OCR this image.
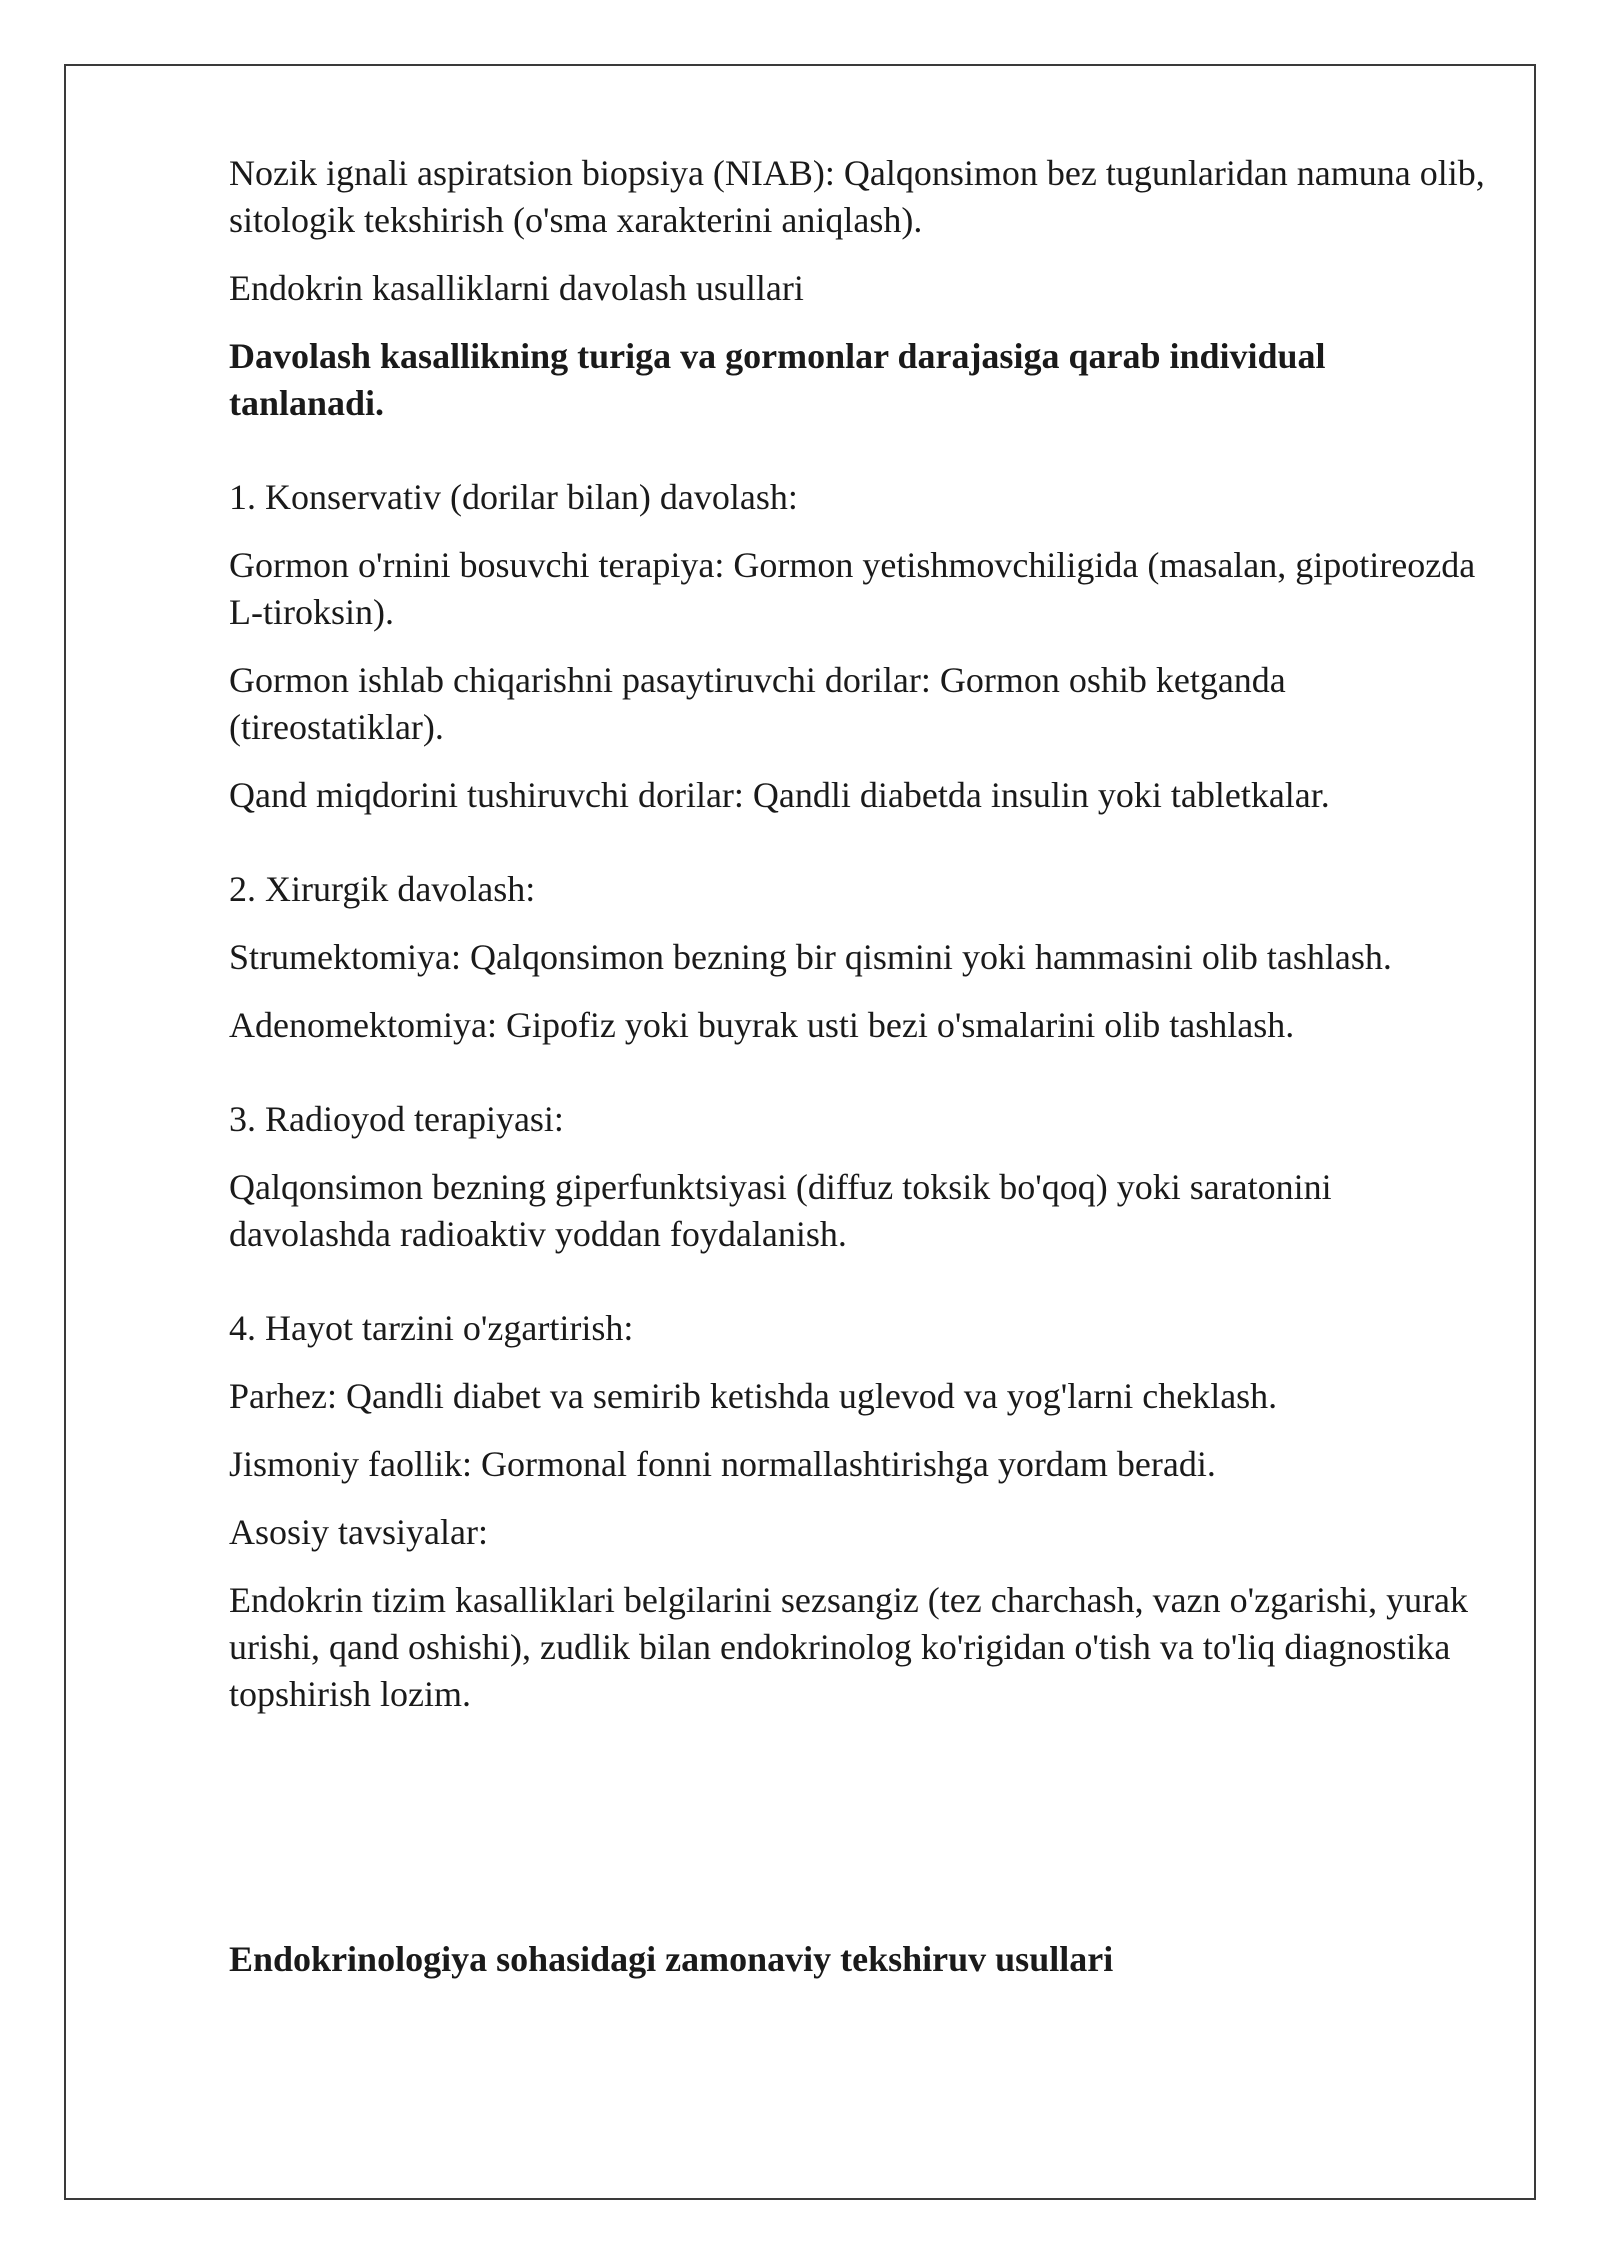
Nozik ignali aspiratsion biopsiya (NIAB): Qalqonsimon bez tugunlaridan namuna olib, sitologik tekshirish (o'sma xarakterini aniqlash).

Endokrin kasalliklarni davolash usullari

Davolash kasallikning turiga va gormonlar darajasiga qarab individual tanlanadi.

1. Konservativ (dorilar bilan) davolash:

Gormon o'rnini bosuvchi terapiya: Gormon yetishmovchiligida (masalan, gipotireozda L-tiroksin).

Gormon ishlab chiqarishni pasaytiruvchi dorilar: Gormon oshib ketganda (tireostatiklar).

Qand miqdorini tushiruvchi dorilar: Qandli diabetda insulin yoki tabletkalar.

2. Xirurgik davolash:

Strumektomiya: Qalqonsimon bezning bir qismini yoki hammasini olib tashlash.

Adenomektomiya: Gipofiz yoki buyrak usti bezi o'smalarini olib tashlash.

3. Radioyod terapiyasi:

Qalqonsimon bezning giperfunktsiyasi (diffuz toksik bo'qoq) yoki saratonini davolashda radioaktiv yoddan foydalanish.

4. Hayot tarzini o'zgartirish:

Parhez: Qandli diabet va semirib ketishda uglevod va yog'larni cheklash.

Jismoniy faollik: Gormonal fonni normallashtirishga yordam beradi.

Asosiy tavsiyalar:

Endokrin tizim kasalliklari belgilarini sezsangiz (tez charchash, vazn o'zgarishi, yurak urishi, qand oshishi), zudlik bilan endokrinolog ko'rigidan o'tish va to'liq diagnostika topshirish lozim.

Endokrinologiya sohasidagi zamonaviy tekshiruv usullari
